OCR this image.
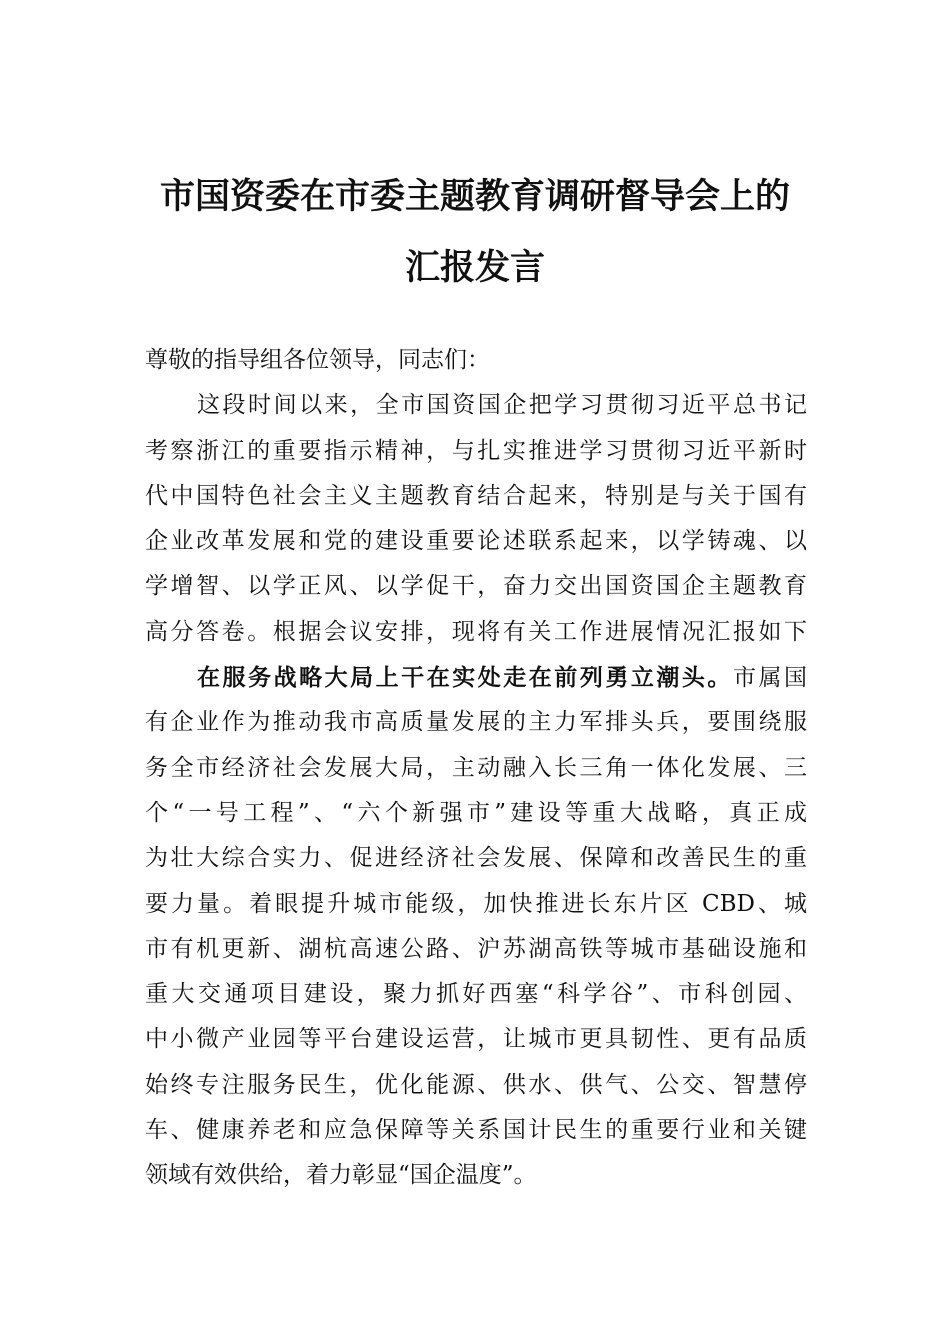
市国资委在市委主题教育调研督导会上的
汇报发言
尊敬的指导组各位领导，同志们：
这段时间以来，全市国资国企把学习贯彻习近平总书记
考察浙江的重要指示精神，与扎实推进学习贯彻习近平新时
代中国特色社会主义主题教育结合起来，特别是与关于国有
企业改革发展和党的建设重要论述联系起来，以学铸魂、以
学增智、以学正风、以学促干，奋力交出国资国企主题教育
高分答卷。根据会议安排，现将有关工作进展情况汇报如下
在服务战略大局上干在实处走在前列勇立潮头。市属国
有企业作为推动我市高质量发展的主力军排头兵，要围绕服
务全市经济社会发展大局，主动融入长三角一体化发展、三
个“一号工程”、“六个新强市”建设等重大战略，真正成
为壮大综合实力、促进经济社会发展、保障和改善民生的重
要力量。着眼提升城市能级，加快推进长东片区 CBD、城
市有机更新、湖杭高速公路、沪苏湖高铁等城市基础设施和
重大交通项目建设，聚力抓好西塞“科学谷”、市科创园、
中小微产业园等平台建设运营，让城市更具韧性、更有品质
始终专注服务民生，优化能源、供水、供气、公交、智慧停
车、健康养老和应急保障等关系国计民生的重要行业和关键
领域有效供给，着力彰显“国企温度”。
